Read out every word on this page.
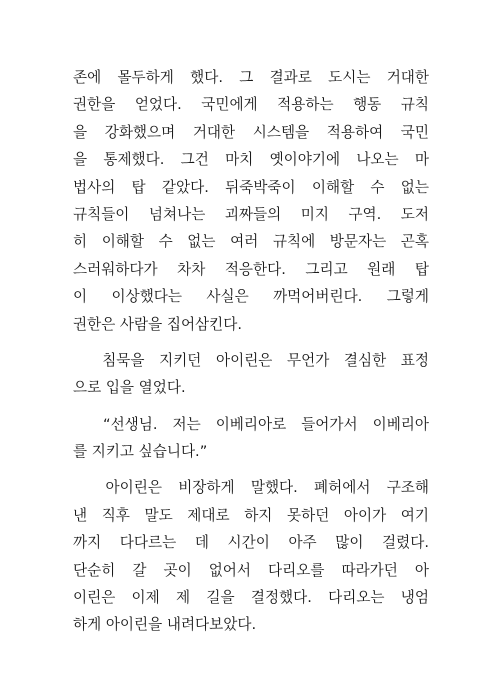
존에 몰두하게 했다. 그 결과로 도시는 거대한
권한을 얻었다. 국민에게 적용하는 행동 규칙
을 강화했으며 거대한 시스템을 적용하여 국민
을 통제했다. 그건 마치 옛이야기에 나오는 마
법사의 탑 같았다. 뒤죽박죽이 이해할 수 없는
규칙들이 넘쳐나는 괴짜들의 미지 구역. 도저
히 이해할 수 없는 여러 규칙에 방문자는 곤혹
스러워하다가 차차 적응한다. 그리고 원래 탑
이 이상했다는 사실은 까먹어버린다. 그렇게
권한은 사람을 집어삼킨다.

침묵을 지키던 아이린은 무언가 결심한 표정
으로 입을 열었다.

“선생님. 저는 이베리아로 들어가서 이베리아
를 지키고 싶습니다.”

아이린은 비장하게 말했다. 폐허에서 구조해
낸 직후 말도 제대로 하지 못하던 아이가 여기
까지 다다르는 데 시간이 아주 많이 걸렸다.
단순히 갈 곳이 없어서 다리오를 따라가던 아
이린은 이제 제 길을 결정했다. 다리오는 냉엄
하게 아이린을 내려다보았다.
